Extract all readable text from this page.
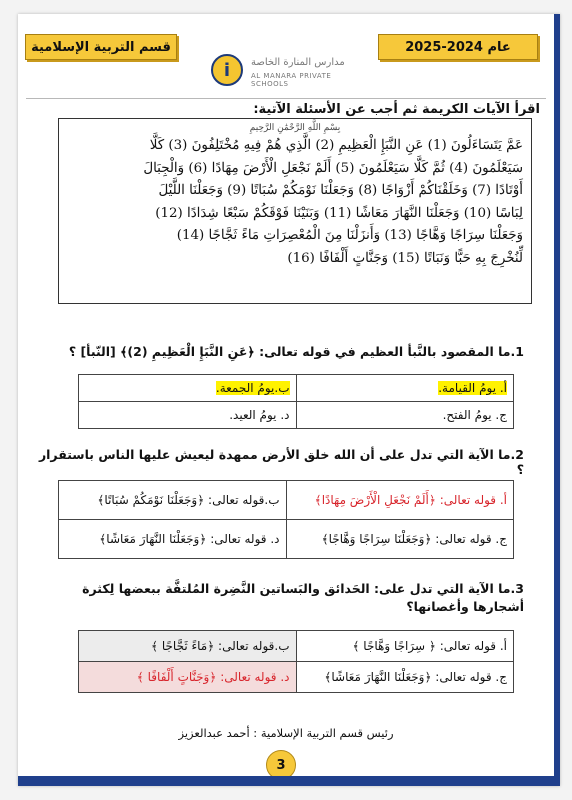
قسم التربية الإسلامية
i	مدارس المنارة الخاصة
AL MANARA PRIVATE SCHOOLS
عام 2024-2025
اقرأ الآيات الكريمة ثم أجب عن الأسئلة الآتية:
بِسْمِ اللَّهِ الرَّحْمَٰنِ الرَّحِيمِ
عَمَّ يَتَسَاءَلُونَ (1) عَنِ النَّبَإِ الْعَظِيمِ (2) الَّذِي هُمْ فِيهِ مُخْتَلِفُونَ (3) كَلَّا
سَيَعْلَمُونَ (4) ثُمَّ كَلَّا سَيَعْلَمُونَ (5) أَلَمْ نَجْعَلِ الْأَرْضَ مِهَادًا (6) وَالْجِبَالَ
أَوْتَادًا (7) وَخَلَقْنَاكُمْ أَزْوَاجًا (8) وَجَعَلْنَا نَوْمَكُمْ سُبَاتًا (9) وَجَعَلْنَا اللَّيْلَ
لِبَاسًا (10) وَجَعَلْنَا النَّهَارَ مَعَاشًا (11) وَبَنَيْنَا فَوْقَكُمْ سَبْعًا شِدَادًا (12)
وَجَعَلْنَا سِرَاجًا وَهَّاجًا (13) وَأَنزَلْنَا مِنَ الْمُعْصِرَاتِ مَاءً ثَجَّاجًا (14)
لِّنُخْرِجَ بِهِ حَبًّا وَنَبَاتًا (15) وَجَنَّاتٍ أَلْفَافًا (16)
1.ما المقصود بالنَّبأ العظيم في قوله تعالى: ﴿عَنِ النَّبَإِ الْعَظِيمِ (2)﴾ [النّبأ] ؟
أ. يومُ القيامة.	ب.يومُ الجمعة.
ج. يومُ الفتح.	د. يومُ العيد.
2.ما الآية التي تدل على أن الله خلق الأرض ممهدة ليعيش عليها الناس باستقرار ؟
أ. قوله تعالى: ﴿أَلَمْ نَجْعَلِ الْأَرْضَ مِهَادًا﴾	ب.قوله تعالى: ﴿وَجَعَلْنَا نَوْمَكُمْ سُبَاتًا﴾
ج. قوله تعالى: ﴿وَجَعَلْنَا سِرَاجًا وَهَّاجًا﴾	د. قوله تعالى: ﴿وَجَعَلْنَا النَّهَارَ مَعَاشًا﴾
3.ما الآية التي تدل على: الحَدائق والبَساتين النَّضِرة المُلتفَّة ببعضها لِكثرة أشجارها وأغصانها؟
أ. قوله تعالى: ﴿ سِرَاجًا وَهَّاجًا ﴾	ب.قوله تعالى: ﴿مَاءً ثَجَّاجًا ﴾
ج. قوله تعالى: ﴿وَجَعَلْنَا النَّهَارَ مَعَاشًا﴾	د. قوله تعالى: ﴿وَجَنَّاتٍ أَلْفَافًا ﴾
رئيس قسم التربية الإسلامية : أحمد عبدالعزيز
3
